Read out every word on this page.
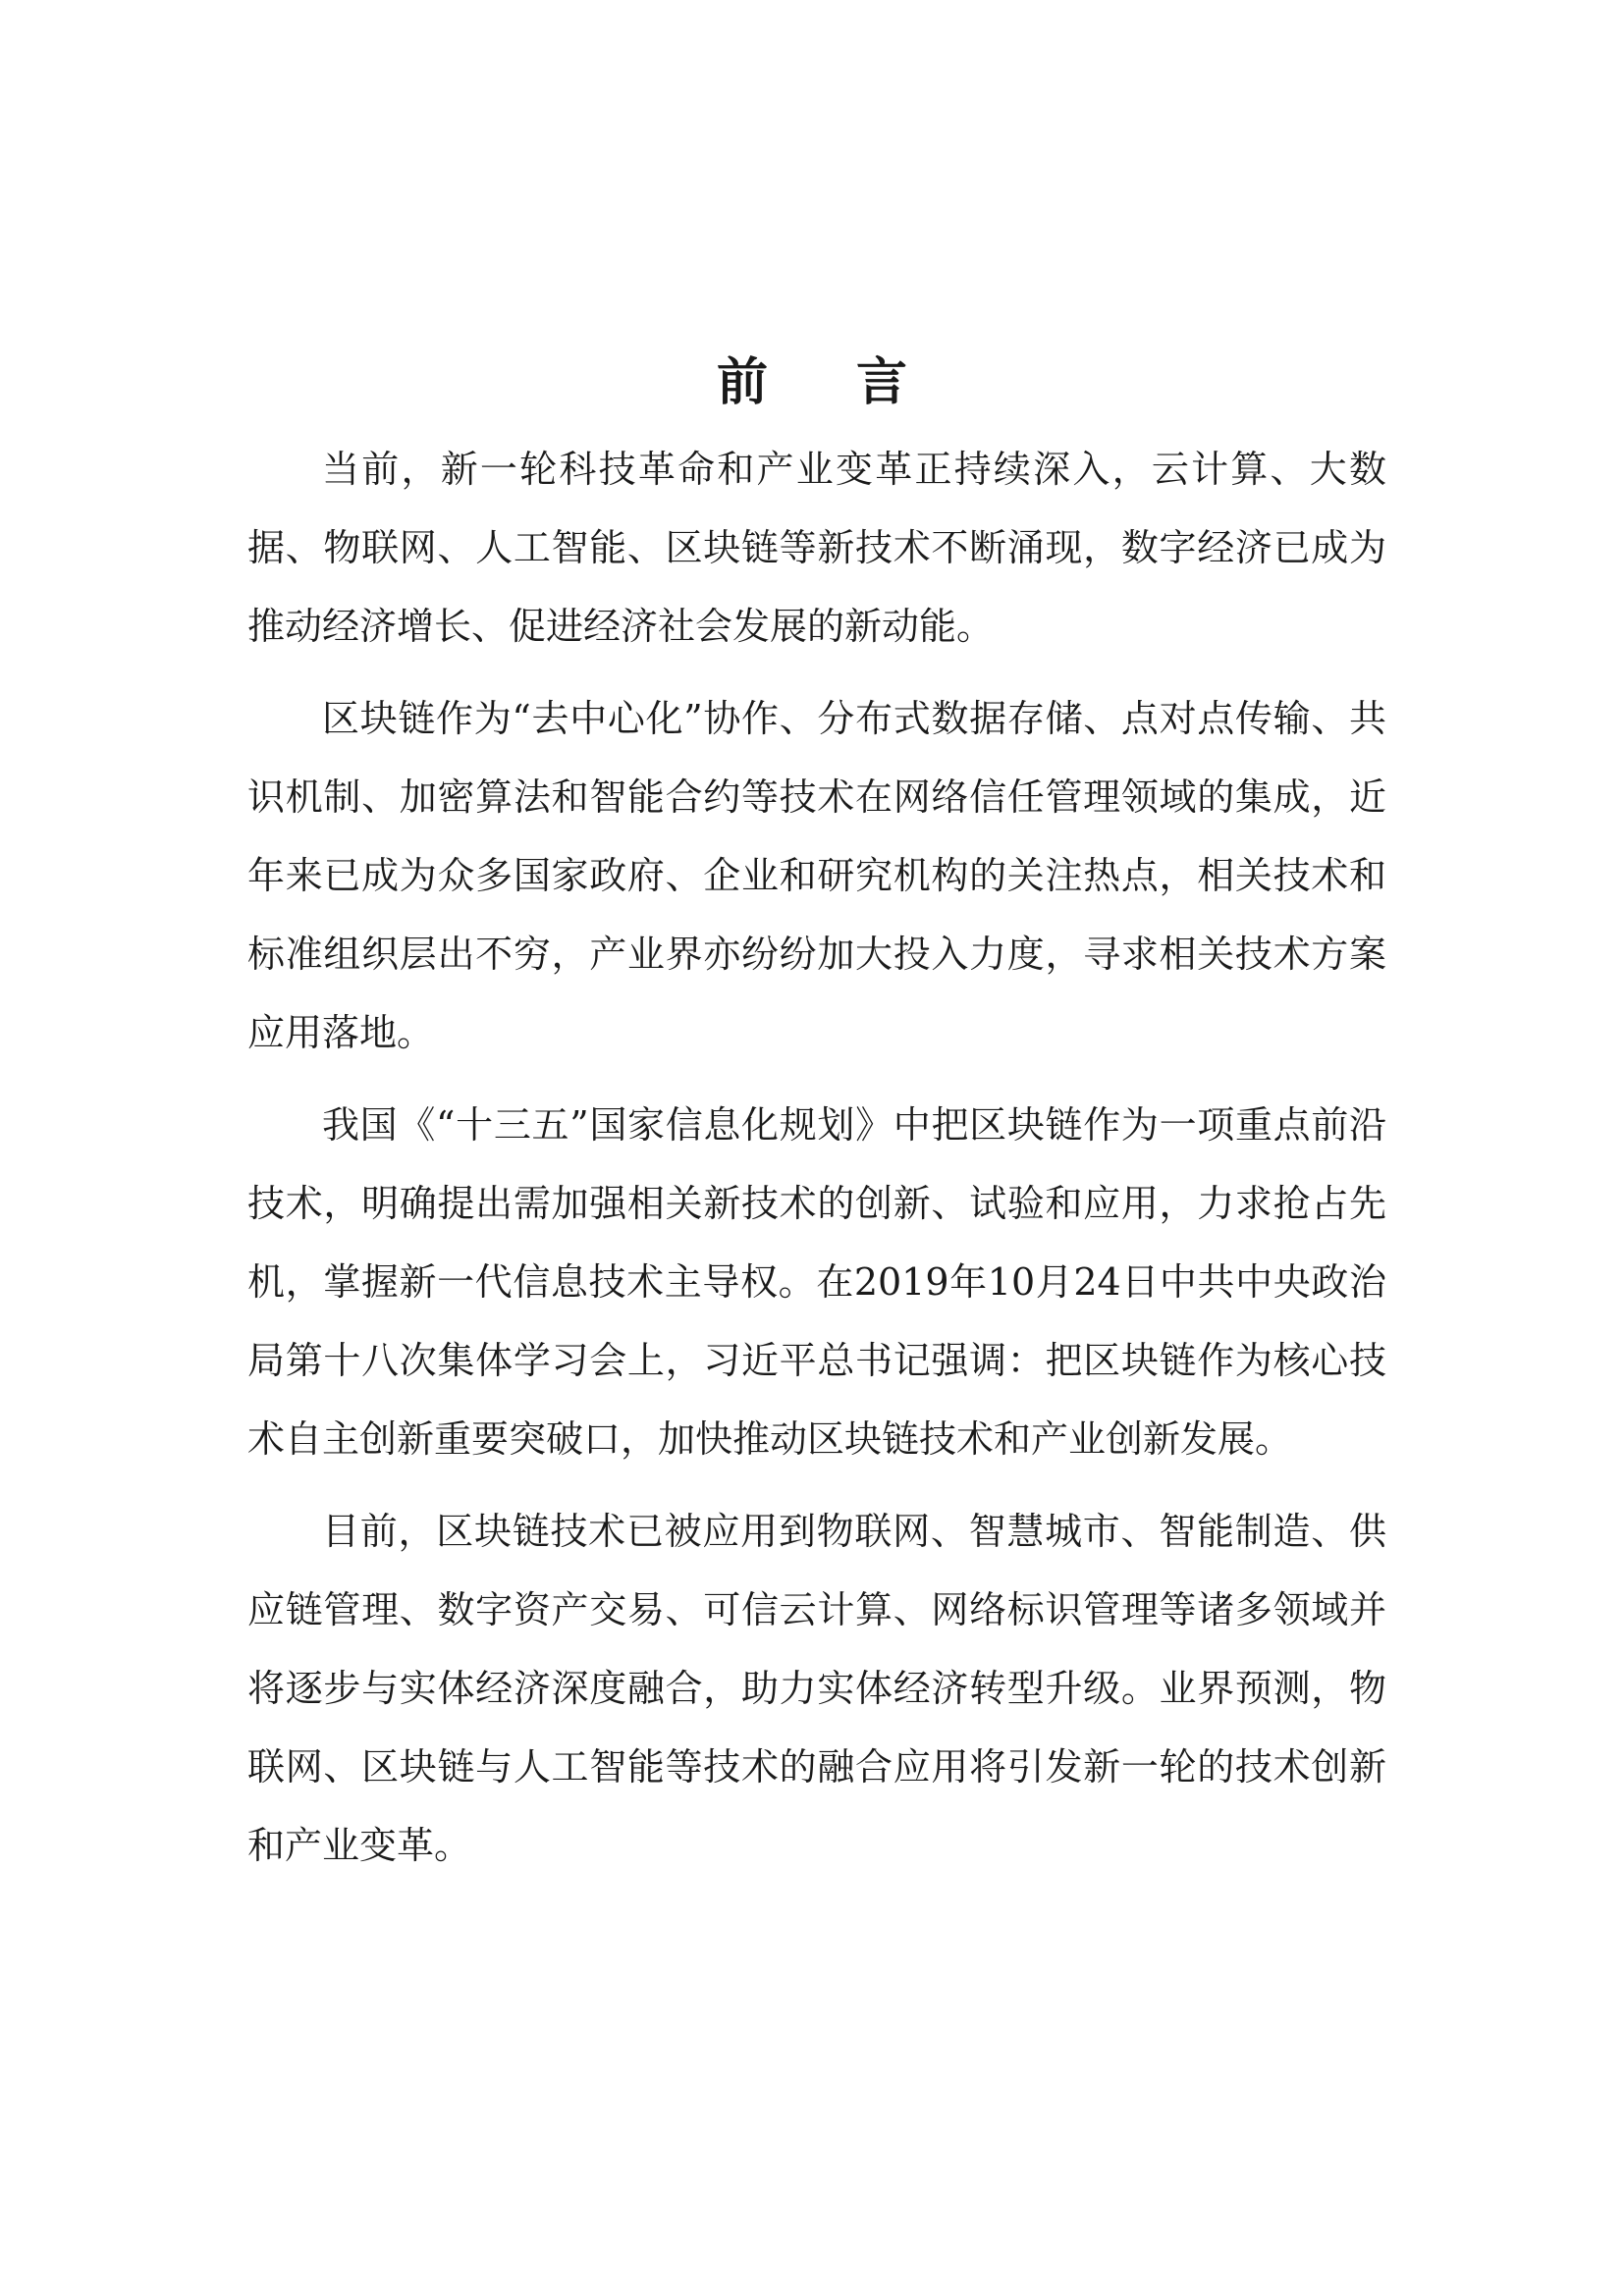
前言

当前，新一轮科技革命和产业变革正持续深入，云计算、大数据、物联网、人工智能、区块链等新技术不断涌现，数字经济已成为推动经济增长、促进经济社会发展的新动能。

区块链作为“去中心化”协作、分布式数据存储、点对点传输、共识机制、加密算法和智能合约等技术在网络信任管理领域的集成，近年来已成为众多国家政府、企业和研究机构的关注热点，相关技术和标准组织层出不穷，产业界亦纷纷加大投入力度，寻求相关技术方案应用落地。

我国《“十三五”国家信息化规划》中把区块链作为一项重点前沿技术，明确提出需加强相关新技术的创新、试验和应用，力求抢占先机，掌握新一代信息技术主导权。在2019年10月24日中共中央政治局第十八次集体学习会上，习近平总书记强调：把区块链作为核心技术自主创新重要突破口，加快推动区块链技术和产业创新发展。

目前，区块链技术已被应用到物联网、智慧城市、智能制造、供应链管理、数字资产交易、可信云计算、网络标识管理等诸多领域并将逐步与实体经济深度融合，助力实体经济转型升级。业界预测，物联网、区块链与人工智能等技术的融合应用将引发新一轮的技术创新和产业变革。
